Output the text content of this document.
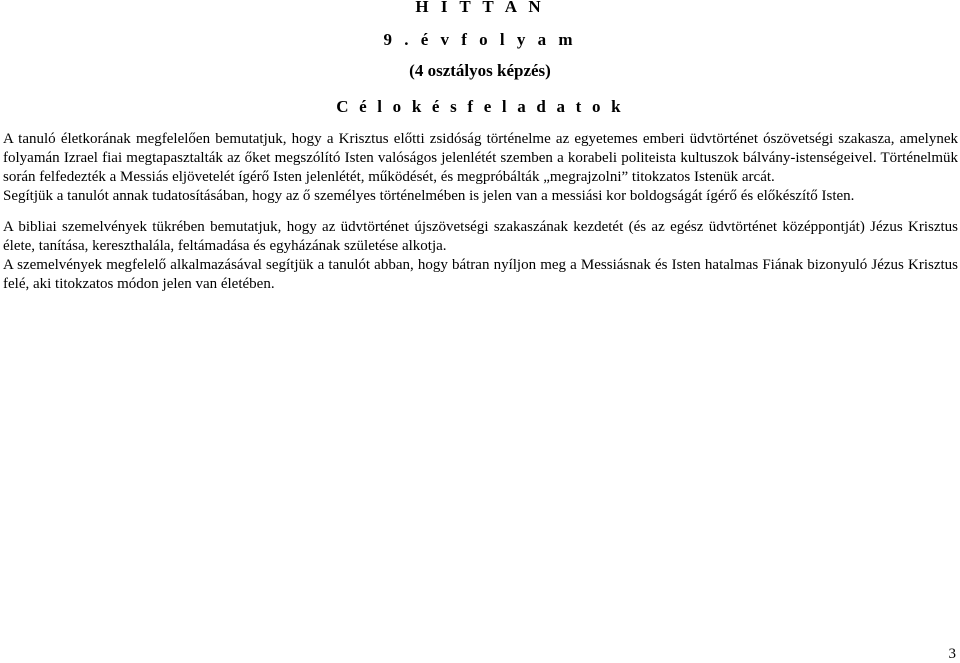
H I T T A N
9 . é v f o l y a m
(4 osztályos képzés)
C é l o k é s f e l a d a t o k

A tanuló életkorának megfelelően bemutatjuk, hogy a Krisztus előtti zsidóság történelme az egyetemes emberi üdvtörténet ószövetségi szakasza, amelynek folyamán Izrael fiai megtapasztalták az őket megszólító Isten valóságos jelenlétét szemben a korabeli politeista kultuszok bálvány-istenségeivel. Történelmük során felfedezték a Messiás eljövetelét ígérő Isten jelenlétét, működését, és megpróbálták „megrajzolni” titokzatos Istenük arcát.

Segítjük a tanulót annak tudatosításában, hogy az ő személyes történelmében is jelen van a messiási kor boldogságát ígérő és előkészítő Isten.

A bibliai szemelvények tükrében bemutatjuk, hogy az üdvtörténet újszövetségi szakaszának kezdetét (és az egész üdvtörténet középpontját) Jézus Krisztus élete, tanítása, kereszthalála, feltámadása és egyházának születése alkotja.

A szemelvények megfelelő alkalmazásával segítjük a tanulót abban, hogy bátran nyíljon meg a Messiásnak és Isten hatalmas Fiának bizonyuló Jézus Krisztus felé, aki titokzatos módon jelen van életében.

3
